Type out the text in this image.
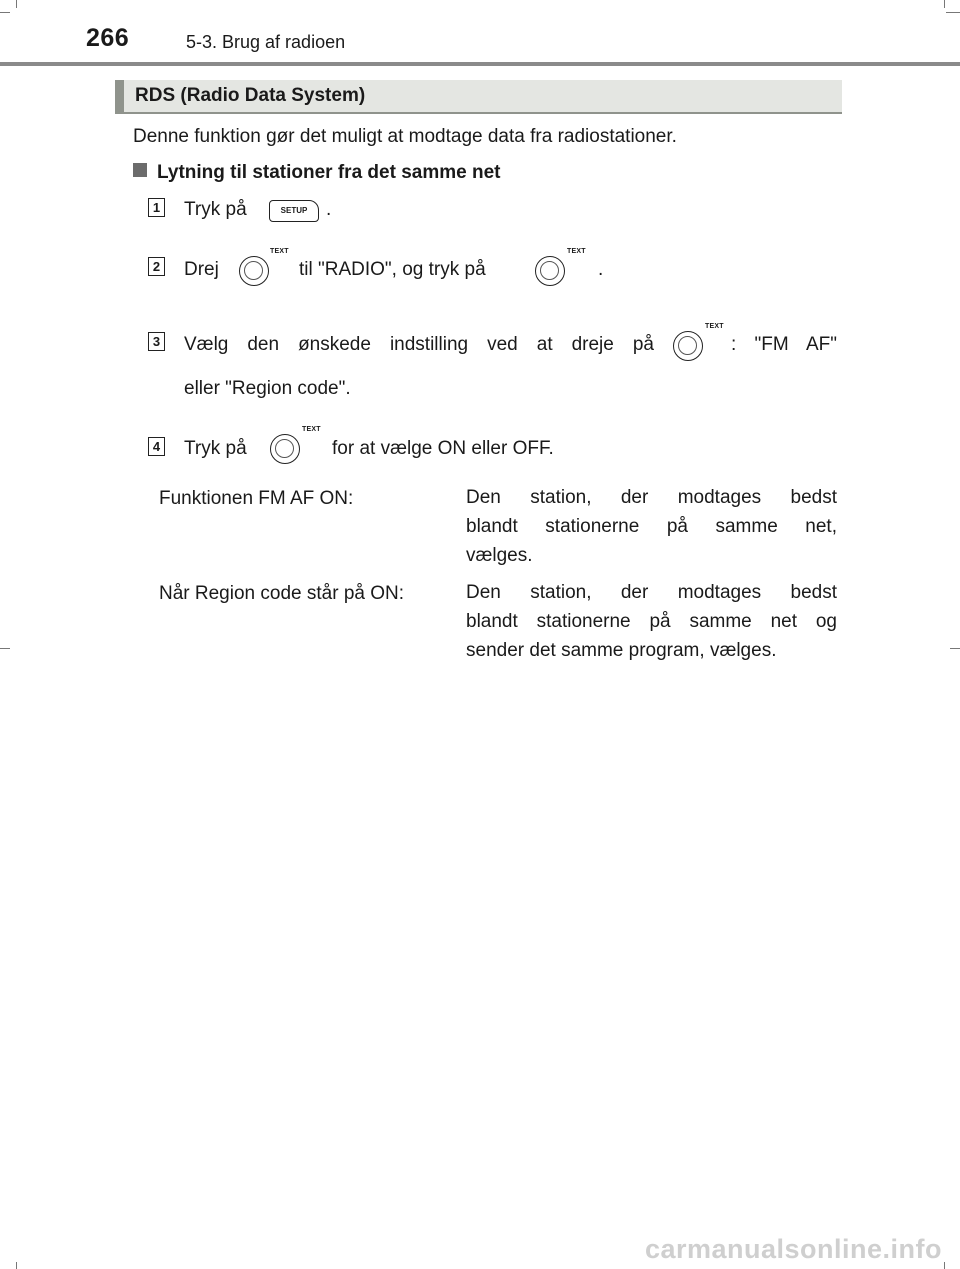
266	5-3. Brug af radioen
RDS (Radio Data System)
Denne funktion gør det muligt at modtage data fra radiostationer.
Lytning til stationer fra det samme net
1 Tryk på	SETUP .
2 Drej
TEXT
til "RADIO", og tryk på
TEXT
.
3 Vælg den ønskede indstilling ved at dreje på
TEXT
: "FM AF"
eller "Region code".
4 Tryk på
TEXT
for at vælge ON eller OFF.
Funktionen FM AF ON:	Den station, der modtages bedst
blandt stationerne på samme net,
vælges.
Når Region code står på ON:	Den station, der modtages bedst
blandt stationerne på samme net og
sender det samme program, vælges.
carmanualsonline.info
